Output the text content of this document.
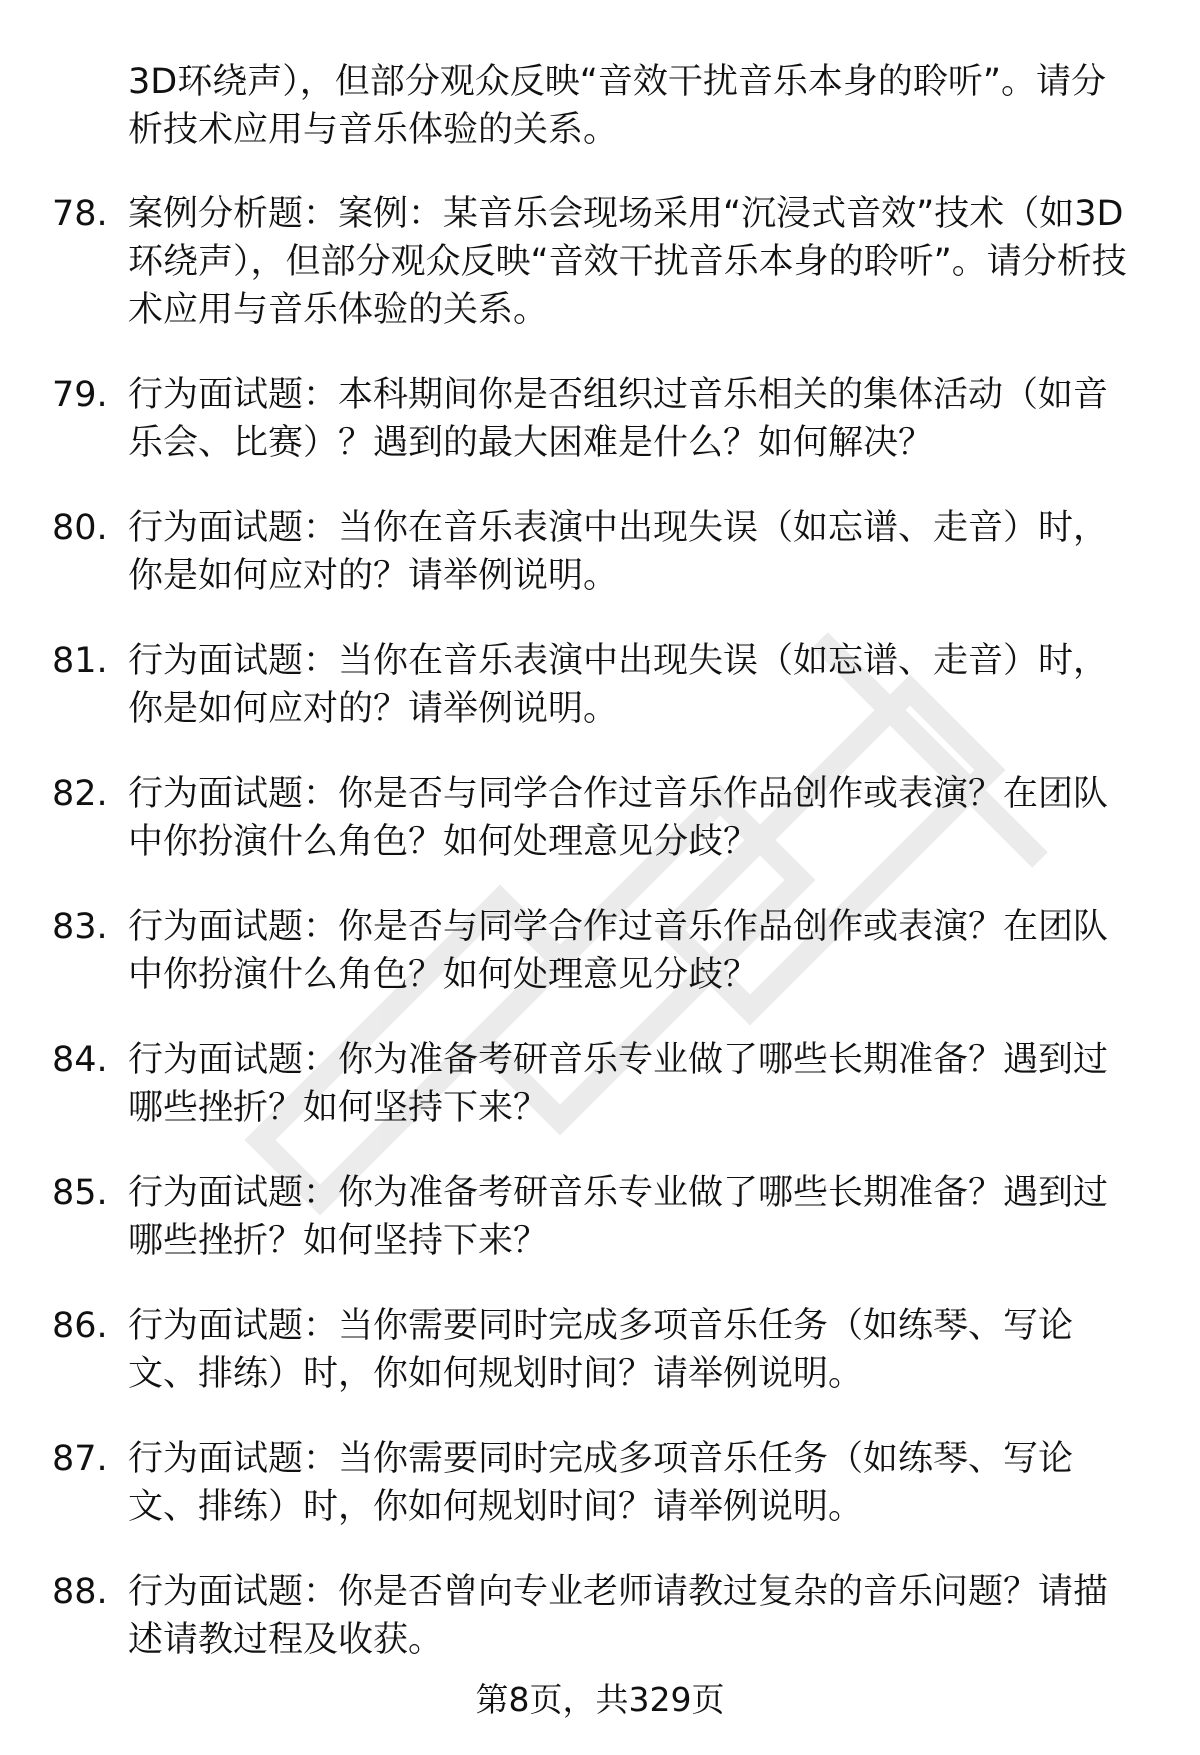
3D环绕声），但部分观众反映“音效干扰音乐本身的聆听”。请分析技术应用与音乐体验的关系。
78. 案例分析题：案例：某音乐会现场采用“沉浸式音效”技术（如3D环绕声），但部分观众反映“音效干扰音乐本身的聆听”。请分析技术应用与音乐体验的关系。
79. 行为面试题：本科期间你是否组织过音乐相关的集体活动（如音乐会、比赛）？遇到的最大困难是什么？如何解决？
80. 行为面试题：当你在音乐表演中出现失误（如忘谱、走音）时，你是如何应对的？请举例说明。
81. 行为面试题：当你在音乐表演中出现失误（如忘谱、走音）时，你是如何应对的？请举例说明。
82. 行为面试题：你是否与同学合作过音乐作品创作或表演？在团队中你扮演什么角色？如何处理意见分歧？
83. 行为面试题：你是否与同学合作过音乐作品创作或表演？在团队中你扮演什么角色？如何处理意见分歧？
84. 行为面试题：你为准备考研音乐专业做了哪些长期准备？遇到过哪些挫折？如何坚持下来？
85. 行为面试题：你为准备考研音乐专业做了哪些长期准备？遇到过哪些挫折？如何坚持下来？
86. 行为面试题：当你需要同时完成多项音乐任务（如练琴、写论文、排练）时，你如何规划时间？请举例说明。
87. 行为面试题：当你需要同时完成多项音乐任务（如练琴、写论文、排练）时，你如何规划时间？请举例说明。
88. 行为面试题：你是否曾向专业老师请教过复杂的音乐问题？请描述请教过程及收获。
第8页，共329页
